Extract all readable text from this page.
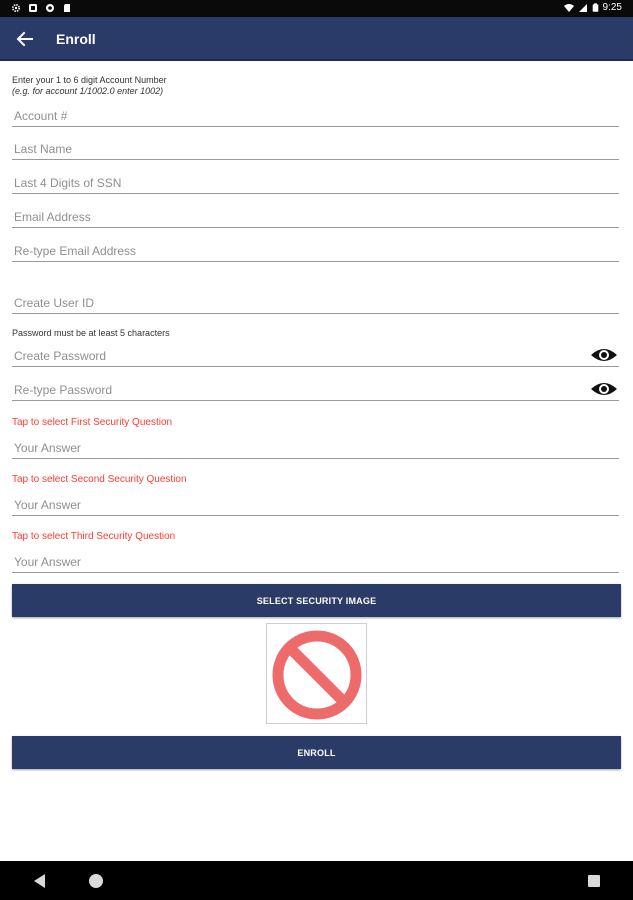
9:25
Enroll
Enter your 1 to 6 digit Account Number
(e.g. for account 1/1002.0 enter 1002)
Account #
Last Name
Last 4 Digits of SSN
Email Address
Re-type Email Address
Create User ID
Password must be at least 5 characters
Tap to select First Security Question
Your Answer
Tap to select Second Security Question
Your Answer
Tap to select Third Security Question
Your Answer
SELECT SECURITY IMAGE
ENROLL
